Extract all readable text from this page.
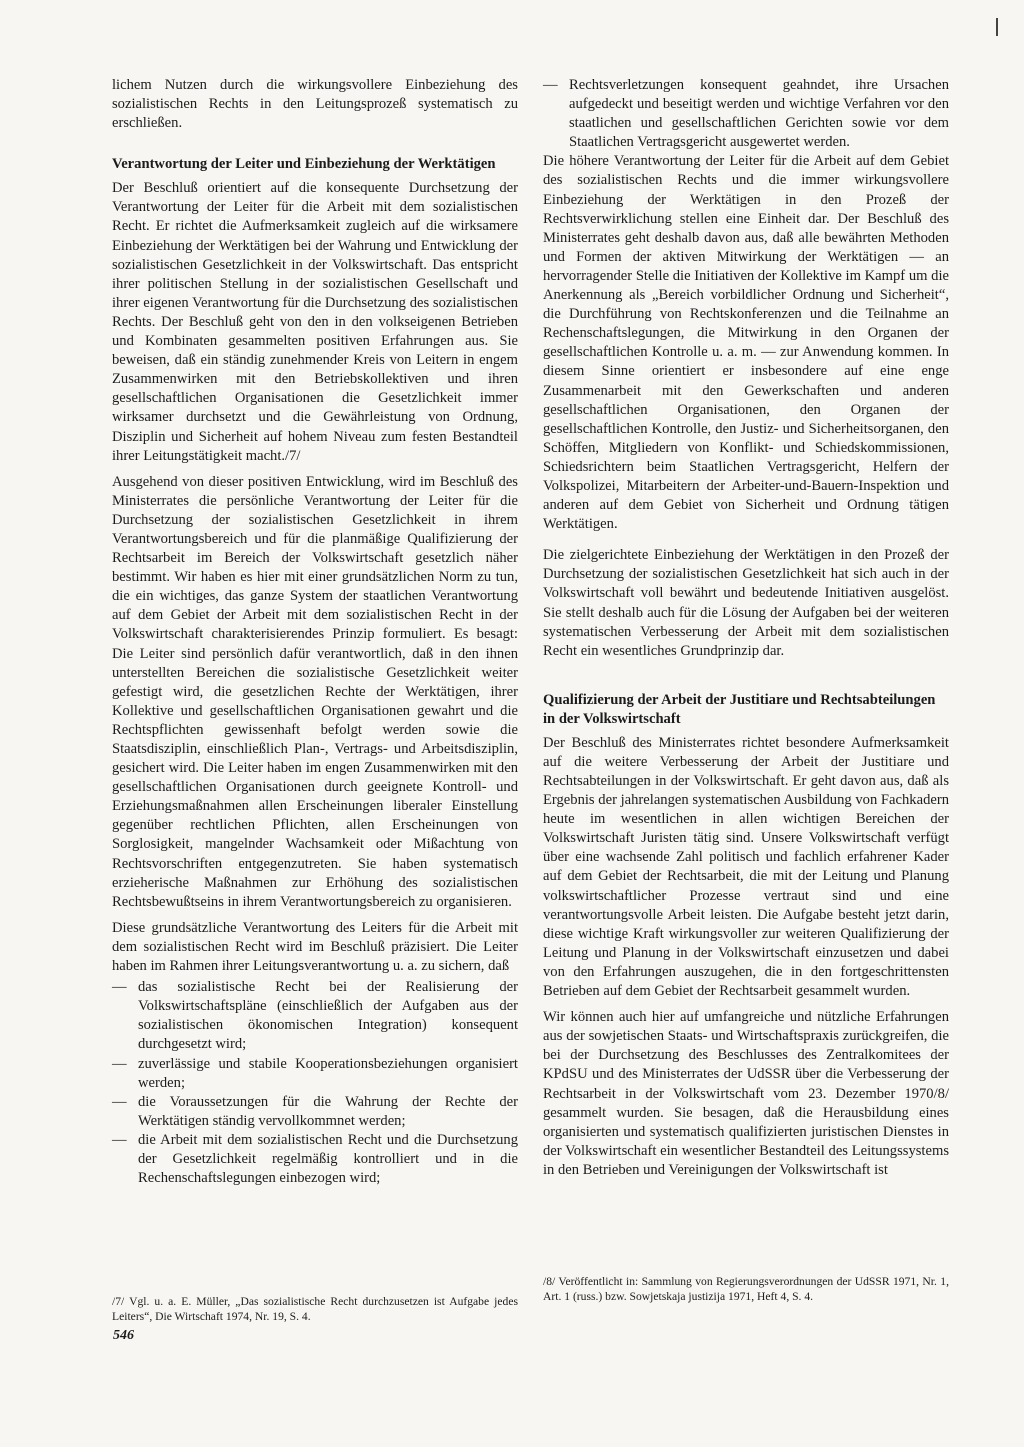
lichem Nutzen durch die wirkungsvollere Einbeziehung des sozialistischen Rechts in den Leitungsprozeß systematisch zu erschließen.

Verantwortung der Leiter und Einbeziehung der Werktätigen

Der Beschluß orientiert auf die konsequente Durchsetzung der Verantwortung der Leiter für die Arbeit mit dem sozialistischen Recht. Er richtet die Aufmerksamkeit zugleich auf die wirksamere Einbeziehung der Werktätigen bei der Wahrung und Entwicklung der sozialistischen Gesetzlichkeit in der Volkswirtschaft. Das entspricht ihrer politischen Stellung in der sozialistischen Gesellschaft und ihrer eigenen Verantwortung für die Durchsetzung des sozialistischen Rechts. Der Beschluß geht von den in den volkseigenen Betrieben und Kombinaten gesammelten positiven Erfahrungen aus. Sie beweisen, daß ein ständig zunehmender Kreis von Leitern in engem Zusammenwirken mit den Betriebskollektiven und ihren gesellschaftlichen Organisationen die Gesetzlichkeit immer wirksamer durchsetzt und die Gewährleistung von Ordnung, Disziplin und Sicherheit auf hohem Niveau zum festen Bestandteil ihrer Leitungstätigkeit macht./7/

Ausgehend von dieser positiven Entwicklung, wird im Beschluß des Ministerrates die persönliche Verantwortung der Leiter für die Durchsetzung der sozialistischen Gesetzlichkeit in ihrem Verantwortungsbereich und für die planmäßige Qualifizierung der Rechtsarbeit im Bereich der Volkswirtschaft gesetzlich näher bestimmt. Wir haben es hier mit einer grundsätzlichen Norm zu tun, die ein wichtiges, das ganze System der staatlichen Verantwortung auf dem Gebiet der Arbeit mit dem sozialistischen Recht in der Volkswirtschaft charakterisierendes Prinzip formuliert. Es besagt: Die Leiter sind persönlich dafür verantwortlich, daß in den ihnen unterstellten Bereichen die sozialistische Gesetzlichkeit weiter gefestigt wird, die gesetzlichen Rechte der Werktätigen, ihrer Kollektive und gesellschaftlichen Organisationen gewahrt und die Rechtspflichten gewissenhaft befolgt werden sowie die Staatsdisziplin, einschließlich Plan-, Vertrags- und Arbeitsdisziplin, gesichert wird. Die Leiter haben im engen Zusammenwirken mit den gesellschaftlichen Organisationen durch geeignete Kontroll- und Erziehungsmaßnahmen allen Erscheinungen liberaler Einstellung gegenüber rechtlichen Pflichten, allen Erscheinungen von Sorglosigkeit, mangelnder Wachsamkeit oder Mißachtung von Rechtsvorschriften entgegenzutreten. Sie haben systematisch erzieherische Maßnahmen zur Erhöhung des sozialistischen Rechtsbewußtseins in ihrem Verantwortungsbereich zu organisieren.

Diese grundsätzliche Verantwortung des Leiters für die Arbeit mit dem sozialistischen Recht wird im Beschluß präzisiert. Die Leiter haben im Rahmen ihrer Leitungsverantwortung u. a. zu sichern, daß

— das sozialistische Recht bei der Realisierung der Volkswirtschaftspläne (einschließlich der Aufgaben aus der sozialistischen ökonomischen Integration) konsequent durchgesetzt wird;
— zuverlässige und stabile Kooperationsbeziehungen organisiert werden;
— die Voraussetzungen für die Wahrung der Rechte der Werktätigen ständig vervollkommnet werden;
— die Arbeit mit dem sozialistischen Recht und die Durchsetzung der Gesetzlichkeit regelmäßig kontrolliert und in die Rechenschaftslegungen einbezogen wird;
— Rechtsverletzungen konsequent geahndet, ihre Ursachen aufgedeckt und beseitigt werden und wichtige Verfahren vor den staatlichen und gesellschaftlichen Gerichten sowie vor dem Staatlichen Vertragsgericht ausgewertet werden.

Die höhere Verantwortung der Leiter für die Arbeit auf dem Gebiet des sozialistischen Rechts und die immer wirkungsvollere Einbeziehung der Werktätigen in den Prozeß der Rechtsverwirklichung stellen eine Einheit dar. Der Beschluß des Ministerrates geht deshalb davon aus, daß alle bewährten Methoden und Formen der aktiven Mitwirkung der Werktätigen — an hervorragender Stelle die Initiativen der Kollektive im Kampf um die Anerkennung als „Bereich vorbildlicher Ordnung und Sicherheit“, die Durchführung von Rechtskonferenzen und die Teilnahme an Rechenschaftslegungen, die Mitwirkung in den Organen der gesellschaftlichen Kontrolle u. a. m. — zur Anwendung kommen. In diesem Sinne orientiert er insbesondere auf eine enge Zusammenarbeit mit den Gewerkschaften und anderen gesellschaftlichen Organisationen, den Organen der gesellschaftlichen Kontrolle, den Justiz- und Sicherheitsorganen, den Schöffen, Mitgliedern von Konflikt- und Schiedskommissionen, Schiedsrichtern beim Staatlichen Vertragsgericht, Helfern der Volkspolizei, Mitarbeitern der Arbeiter-und-Bauern-Inspektion und anderen auf dem Gebiet von Sicherheit und Ordnung tätigen Werktätigen.

Die zielgerichtete Einbeziehung der Werktätigen in den Prozeß der Durchsetzung der sozialistischen Gesetzlichkeit hat sich auch in der Volkswirtschaft voll bewährt und bedeutende Initiativen ausgelöst. Sie stellt deshalb auch für die Lösung der Aufgaben bei der weiteren systematischen Verbesserung der Arbeit mit dem sozialistischen Recht ein wesentliches Grundprinzip dar.

Qualifizierung der Arbeit der Justitiare und Rechtsabteilungen in der Volkswirtschaft

Der Beschluß des Ministerrates richtet besondere Aufmerksamkeit auf die weitere Verbesserung der Arbeit der Justitiare und Rechtsabteilungen in der Volkswirtschaft. Er geht davon aus, daß als Ergebnis der jahrelangen systematischen Ausbildung von Fachkadern heute im wesentlichen in allen wichtigen Bereichen der Volkswirtschaft Juristen tätig sind. Unsere Volkswirtschaft verfügt über eine wachsende Zahl politisch und fachlich erfahrener Kader auf dem Gebiet der Rechtsarbeit, die mit der Leitung und Planung volkswirtschaftlicher Prozesse vertraut sind und eine verantwortungsvolle Arbeit leisten. Die Aufgabe besteht jetzt darin, diese wichtige Kraft wirkungsvoller zur weiteren Qualifizierung der Leitung und Planung in der Volkswirtschaft einzusetzen und dabei von den Erfahrungen auszugehen, die in den fortgeschrittensten Betrieben auf dem Gebiet der Rechtsarbeit gesammelt wurden.

Wir können auch hier auf umfangreiche und nützliche Erfahrungen aus der sowjetischen Staats- und Wirtschaftspraxis zurückgreifen, die bei der Durchsetzung des Beschlusses des Zentralkomitees der KPdSU und des Ministerrates der UdSSR über die Verbesserung der Rechtsarbeit in der Volkswirtschaft vom 23. Dezember 1970/8/ gesammelt wurden. Sie besagen, daß die Herausbildung eines organisierten und systematisch qualifizierten juristischen Dienstes in der Volkswirtschaft ein wesentlicher Bestandteil des Leitungssystems in den Betrieben und Vereinigungen der Volkswirtschaft ist

/7/ Vgl. u. a. E. Müller, „Das sozialistische Recht durchzusetzen ist Aufgabe jedes Leiters“, Die Wirtschaft 1974, Nr. 19, S. 4.
/8/ Veröffentlicht in: Sammlung von Regierungsverordnungen der UdSSR 1971, Nr. 1, Art. 1 (russ.) bzw. Sowjetskaja justizija 1971, Heft 4, S. 4.
546
